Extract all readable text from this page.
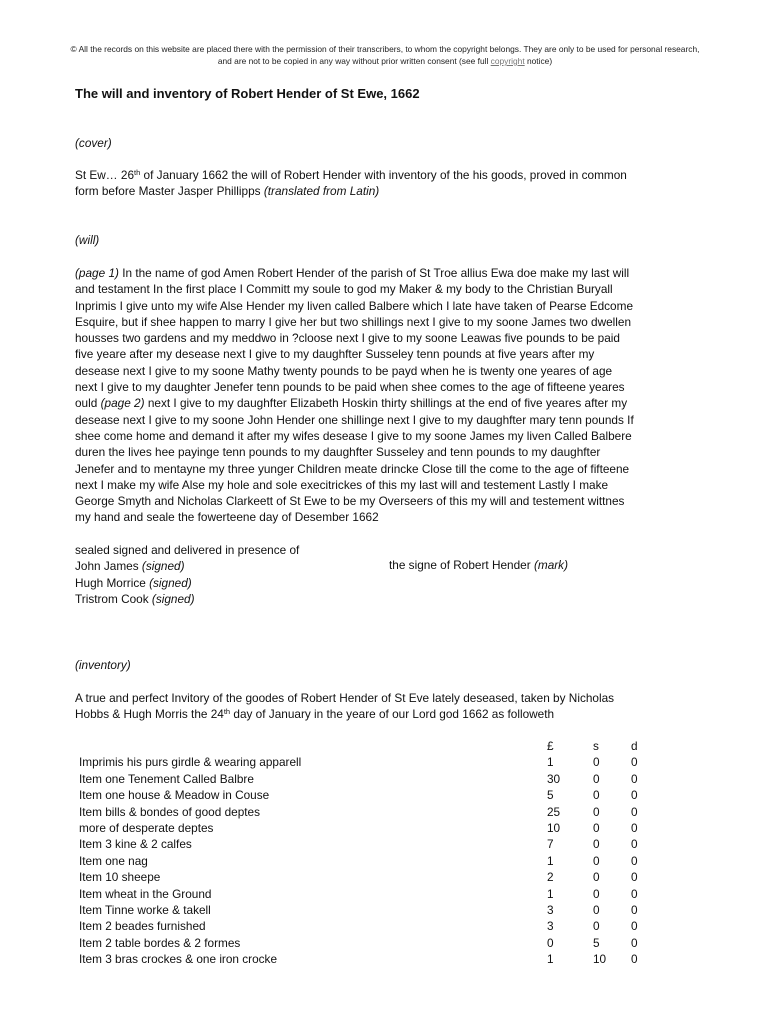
© All the records on this website are placed there with the permission of their transcribers, to whom the copyright belongs. They are only to be used for personal research, and are not to be copied in any way without prior written consent (see full copyright notice)
The will and inventory of Robert Hender of St Ewe, 1662
(cover)
St Ew… 26th of January 1662 the will of Robert Hender with inventory of the his goods, proved in common
form before Master Jasper Phillipps (translated from Latin)
(will)
(page 1) In the name of god Amen Robert Hender of the parish of St Troe allius Ewa doe make my last will
and testament In the first place I Committ my soule to god my Maker & my body to the Christian Buryall
Inprimis I give unto my wife Alse Hender my liven called Balbere which I late have taken of Pearse Edcome
Esquire, but if shee happen to marry I give her but two shillings next I give to my soone James two dwellen
housses two gardens and my meddwo in ?cloose next I give to my soone Leawas five pounds to be paid
five yeare after my desease next I give to my daughfter Susseley tenn pounds at five years after my
desease next I give to my soone Mathy twenty pounds to be payd when he is twenty one yeares of age
next I give to my daughter Jenefer tenn pounds to be paid when shee comes to the age of fifteene yeares
ould (page 2) next I give to my daughfter Elizabeth Hoskin thirty shillings at the end of five yeares after my
desease next I give to my soone John Hender one shillinge next I give to my daughfter mary tenn pounds If
shee come home and demand it after my wifes desease I give to my soone James my liven Called Balbere
duren the lives hee payinge tenn pounds to my daughfter Susseley and tenn pounds to my daughfter
Jenefer and to mentayne my three yunger Children meate drincke Close till the come to the age of fifteene
next I make my wife Alse my hole and sole execitrickes of this my last will and testement Lastly I make
George Smyth and Nicholas Clarkeett of St Ewe to be my Overseers of this my will and testement wittnes
my hand and seale the fowerteene day of Desember 1662
sealed signed and delivered in presence of
John James (signed)
Hugh Morrice (signed)
Tristrom Cook (signed)
the signe of Robert Hender (mark)
(inventory)
A true and perfect Invitory of the goodes of Robert Hender of St Eve lately deseased, taken by Nicholas
Hobbs & Hugh Morris the 24th day of January in the yeare of our Lord god 1662 as followeth
	£	s	d
Imprimis his purs girdle & wearing apparell	1	0	0
Item one Tenement Called Balbre	30	0	0
Item one house & Meadow in Couse	5	0	0
Item bills & bondes of good deptes	25	0	0
more of desperate deptes	10	0	0
Item 3 kine & 2 calfes	7	0	0
Item one nag	1	0	0
Item 10 sheepe	2	0	0
Item wheat in the Ground	1	0	0
Item Tinne worke & takell	3	0	0
Item 2 beades furnished	3	0	0
Item 2 table bordes & 2 formes	0	5	0
Item 3 bras crockes & one iron crocke	1	10	0
